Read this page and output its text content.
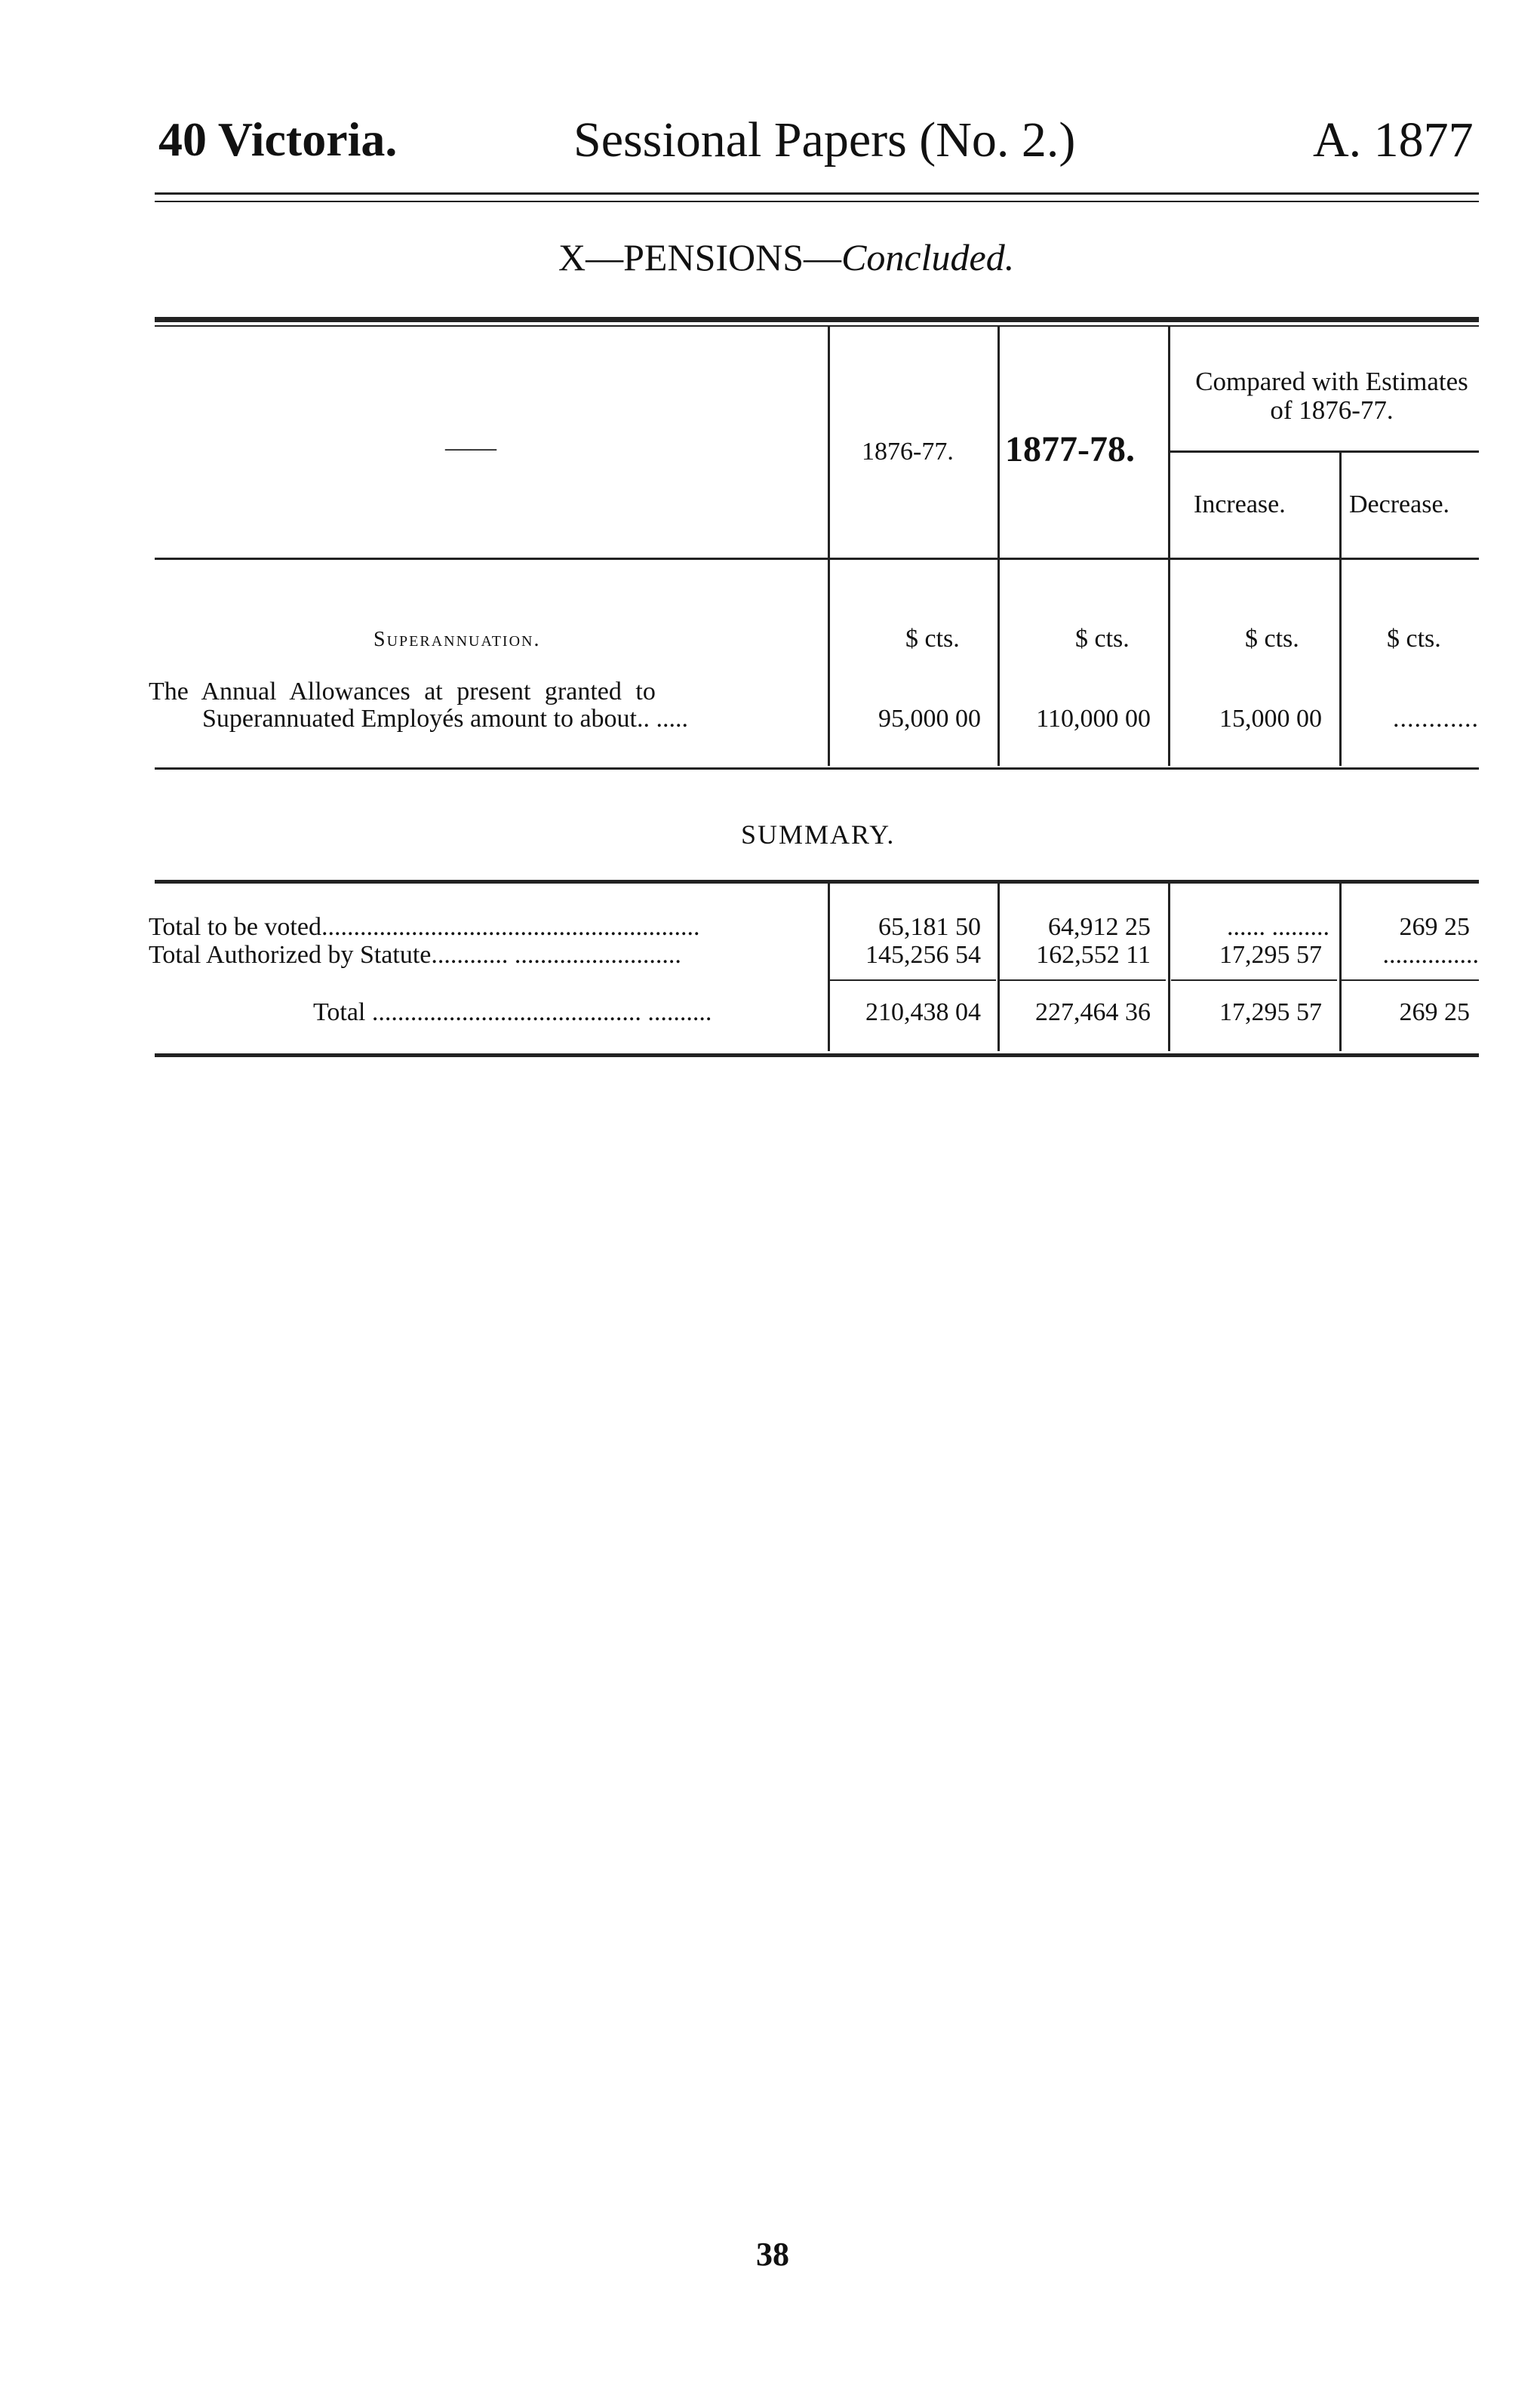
40 Victoria.	Sessional Papers (No. 2.)	A. 1877
X—PENSIONS—Concluded.
——	1876-77. 1877-78.
Compared with Estimates of 1876-77.
Increase. Decrease.
Superannuation.	$ cts.	$ cts.	$ cts.	$ cts.
The Annual Allowances at present granted to
Superannuated Employés amount to about.. .....	95,000 00	110,000 00	15,000 00	............
SUMMARY.
Total to be voted...........................................................	65,181 50	64,912 25	...... .........	269 25
Total Authorized by Statute............ ..........................	145,256 54	162,552 11	17,295 57	...............
Total .......................................... ..........	210,438 04	227,464 36	17,295 57	269 25
38
